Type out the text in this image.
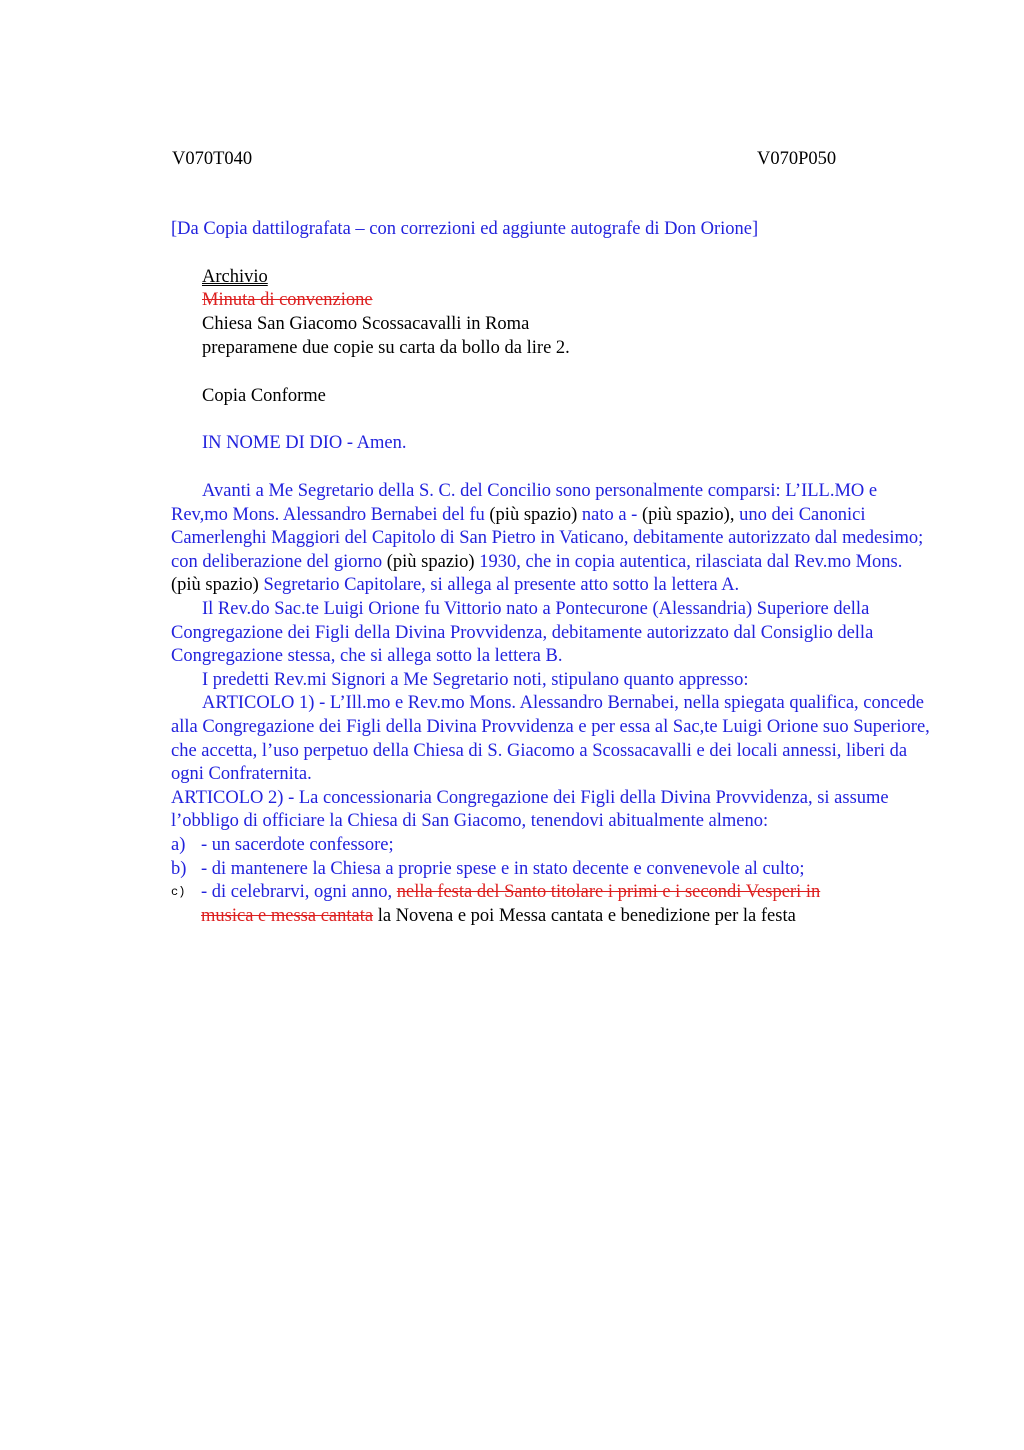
V070T040	V070P050
[Da Copia dattilografata – con correzioni ed aggiunte autografe di Don Orione]
Archivio
Minuta di convenzione
Chiesa San Giacomo Scossacavalli in Roma
preparamene due copie su carta da bollo da lire 2.
Copia Conforme
IN NOME DI DIO - Amen.

Avanti a Me Segretario della S. C. del Concilio sono personalmente comparsi: L’ILL.MO e Rev,mo Mons. Alessandro Bernabei del fu (più spazio) nato a - (più spazio), uno dei Canonici Camerlenghi Maggiori del Capitolo di San Pietro in Vaticano, debitamente autorizzato dal medesimo; con deliberazione del giorno (più spazio) 1930, che in copia autentica, rilasciata dal Rev.mo Mons. (più spazio) Segretario Capitolare, si allega al presente atto sotto la lettera A.

Il Rev.do Sac.te Luigi Orione fu Vittorio nato a Pontecurone (Alessandria) Superiore della Congregazione dei Figli della Divina Provvidenza, debitamente autorizzato dal Consiglio della Congregazione stessa, che si allega sotto la lettera B.

I predetti Rev.mi Signori a Me Segretario noti, stipulano quanto appresso:

ARTICOLO 1) - L’Ill.mo e Rev.mo Mons. Alessandro Bernabei, nella spiegata qualifica, concede alla Congregazione dei Figli della Divina Provvidenza e per essa al Sac,te Luigi Orione suo Superiore, che accetta, l’uso perpetuo della Chiesa di S. Giacomo a Scossacavalli e dei locali annessi, liberi da ogni Confraternita.

ARTICOLO 2) - La concessionaria Congregazione dei Figli della Divina Provvidenza, si assume l’obbligo di officiare la Chiesa di San Giacomo, tenendovi abitualmente almeno:

a) - un sacerdote confessore;
b) - di mantenere la Chiesa a proprie spese e in stato decente e convenevole al culto;
c) - di celebrarvi, ogni anno, nella festa del Santo titolare i primi e i secondi Vesperi in
musica e messa cantata la Novena e poi Messa cantata e benedizione per la festa
